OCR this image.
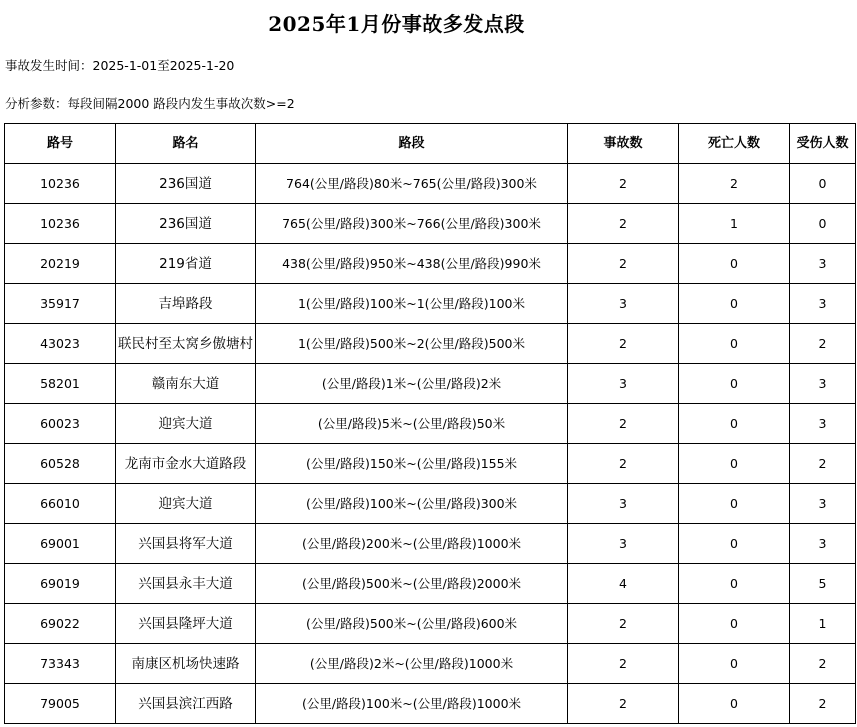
2025年1月份事故多发点段
事故发生时间：2025-1-01至2025-1-20
分析参数：每段间隔2000 路段内发生事故次数>=2
路号	路名	路段	事故数	死亡人数	受伤人数
10236	236国道	764(公里/路段)80米~765(公里/路段)300米	2	2	0
10236	236国道	765(公里/路段)300米~766(公里/路段)300米	2	1	0
20219	219省道	438(公里/路段)950米~438(公里/路段)990米	2	0	3
35917	吉埠路段	1(公里/路段)100米~1(公里/路段)100米	3	0	3
43023	联民村至太窝乡傲塘村	1(公里/路段)500米~2(公里/路段)500米	2	0	2
58201	赣南东大道	(公里/路段)1米~(公里/路段)2米	3	0	3
60023	迎宾大道	(公里/路段)5米~(公里/路段)50米	2	0	3
60528	龙南市金水大道路段	(公里/路段)150米~(公里/路段)155米	2	0	2
66010	迎宾大道	(公里/路段)100米~(公里/路段)300米	3	0	3
69001	兴国县将军大道	(公里/路段)200米~(公里/路段)1000米	3	0	3
69019	兴国县永丰大道	(公里/路段)500米~(公里/路段)2000米	4	0	5
69022	兴国县隆坪大道	(公里/路段)500米~(公里/路段)600米	2	0	1
73343	南康区机场快速路	(公里/路段)2米~(公里/路段)1000米	2	0	2
79005	兴国县滨江西路	(公里/路段)100米~(公里/路段)1000米	2	0	2
